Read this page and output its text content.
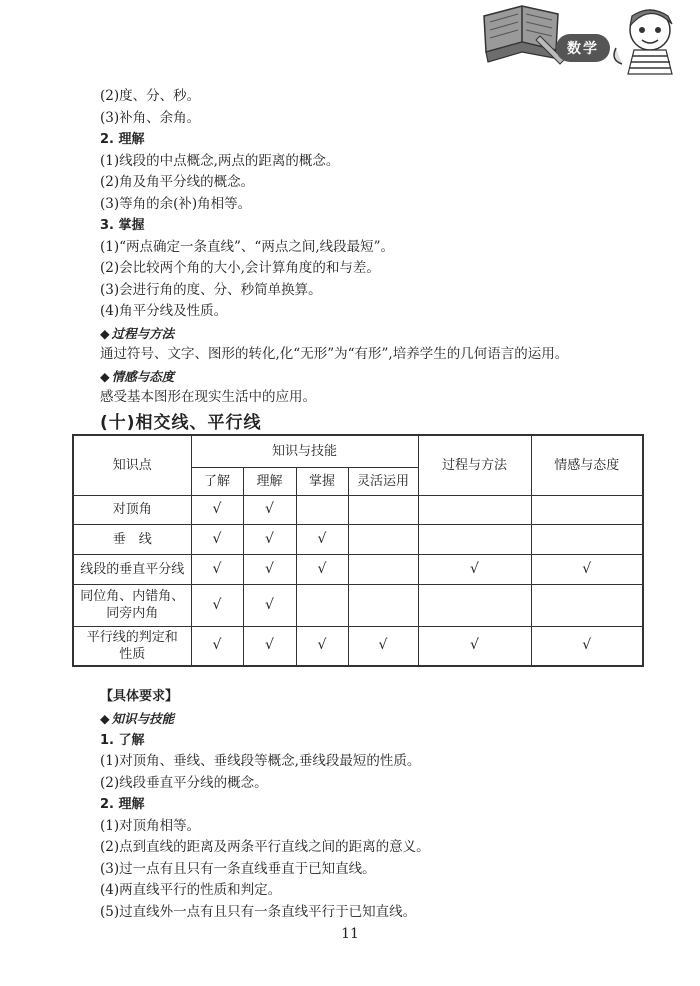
数学
(2)度、分、秒。
(3)补角、余角。
2. 理解
(1)线段的中点概念,两点的距离的概念。
(2)角及角平分线的概念。
(3)等角的余(补)角相等。
3. 掌握
(1)“两点确定一条直线”、“两点之间,线段最短”。
(2)会比较两个角的大小,会计算角度的和与差。
(3)会进行角的度、分、秒简单换算。
(4)角平分线及性质。
◆ 过程与方法
通过符号、文字、图形的转化,化“无形”为“有形”,培养学生的几何语言的运用。
◆ 情感与态度
感受基本图形在现实生活中的应用。
(十)相交线、平行线
知识点	知识与技能				过程与方法	情感与态度
	了解	理解	掌握	灵活运用		
对顶角	√	√				
垂　线	√	√	√			
线段的垂直平分线	√	√	√		√	√

同位角、内错角、
同旁内角	√	√				

平行线的判定和
性质	√	√	√	√	√	√
【具体要求】
◆ 知识与技能
1. 了解
(1)对顶角、垂线、垂线段等概念,垂线段最短的性质。
(2)线段垂直平分线的概念。
2. 理解
(1)对顶角相等。
(2)点到直线的距离及两条平行直线之间的距离的意义。
(3)过一点有且只有一条直线垂直于已知直线。
(4)两直线平行的性质和判定。
(5)过直线外一点有且只有一条直线平行于已知直线。
11
